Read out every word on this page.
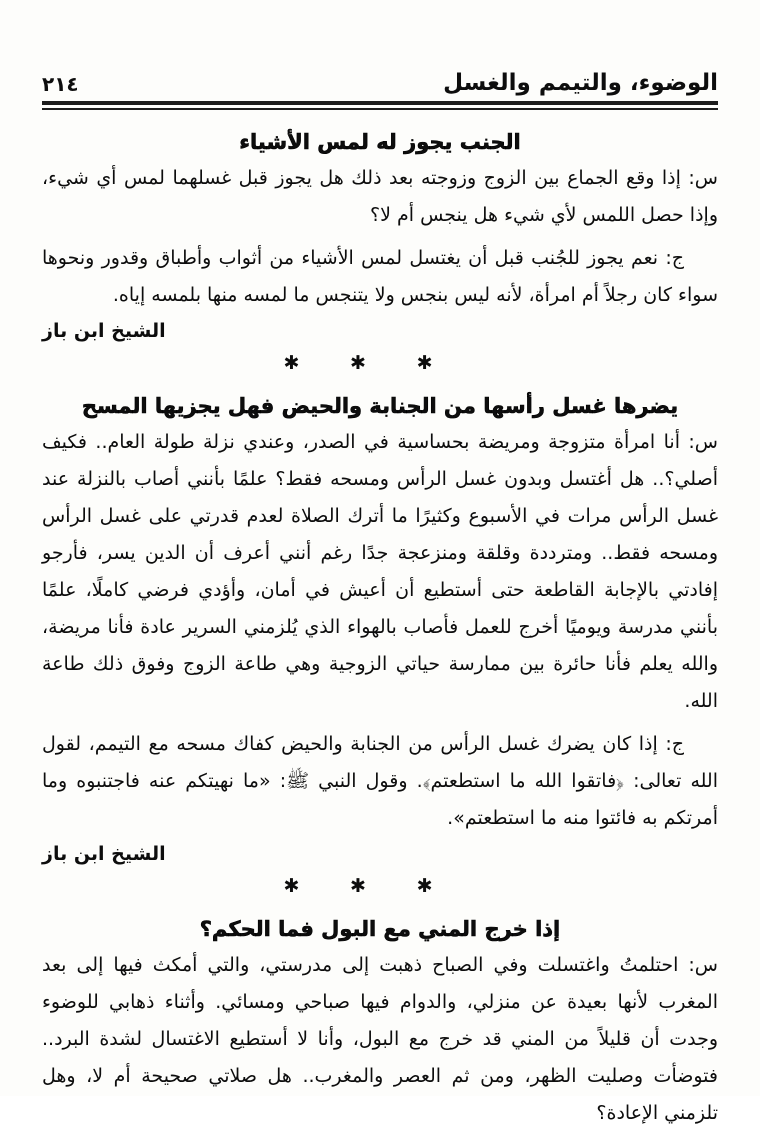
الوضوء، والتيمم والغسل
٢١٤
الجنب يجوز له لمس الأشياء

س: إذا وقع الجماع بين الزوج وزوجته بعد ذلك هل يجوز قبل غسلهما لمس أي شيء، وإذا حصل اللمس لأي شيء هل ينجس أم لا؟

ج: نعم يجوز للجُنب قبل أن يغتسل لمس الأشياء من أثواب وأطباق وقدور ونحوها سواء كان رجلاً أم امرأة، لأنه ليس بنجس ولا يتنجس ما لمسه منها بلمسه إياه.

الشيخ ابن باز
✱ ✱ ✱
يضرها غسل رأسها من الجنابة والحيض فهل يجزيها المسح

س: أنا امرأة متزوجة ومريضة بحساسية في الصدر، وعندي نزلة طولة العام.. فكيف أصلي؟.. هل أغتسل وبدون غسل الرأس ومسحه فقط؟ علمًا بأنني أصاب بالنزلة عند غسل الرأس مرات في الأسبوع وكثيرًا ما أترك الصلاة لعدم قدرتي على غسل الرأس ومسحه فقط.. ومترددة وقلقة ومنزعجة جدًا رغم أنني أعرف أن الدين يسر، فأرجو إفادتي بالإجابة القاطعة حتى أستطيع أن أعيش في أمان، وأؤدي فرضي كاملًا، علمًا بأنني مدرسة ويوميًا أخرج للعمل فأصاب بالهواء الذي يُلزمني السرير عادة فأنا مريضة، والله يعلم فأنا حائرة بين ممارسة حياتي الزوجية وهي طاعة الزوج وفوق ذلك طاعة الله.

ج: إذا كان يضرك غسل الرأس من الجنابة والحيض كفاك مسحه مع التيمم، لقول الله تعالى: ﴿فاتقوا الله ما استطعتم﴾. وقول النبي ﷺ: «ما نهيتكم عنه فاجتنبوه وما أمرتكم به فائتوا منه ما استطعتم».

الشيخ ابن باز
✱ ✱ ✱
إذا خرج المني مع البول فما الحكم؟

س: احتلمتُ واغتسلت وفي الصباح ذهبت إلى مدرستي، والتي أمكث فيها إلى بعد المغرب لأنها بعيدة عن منزلي، والدوام فيها صباحي ومسائي. وأثناء ذهابي للوضوء وجدت أن قليلاً من المني قد خرج مع البول، وأنا لا أستطيع الاغتسال لشدة البرد.. فتوضأت وصليت الظهر، ومن ثم العصر والمغرب.. هل صلاتي صحيحة أم لا، وهل تلزمني الإعادة؟
